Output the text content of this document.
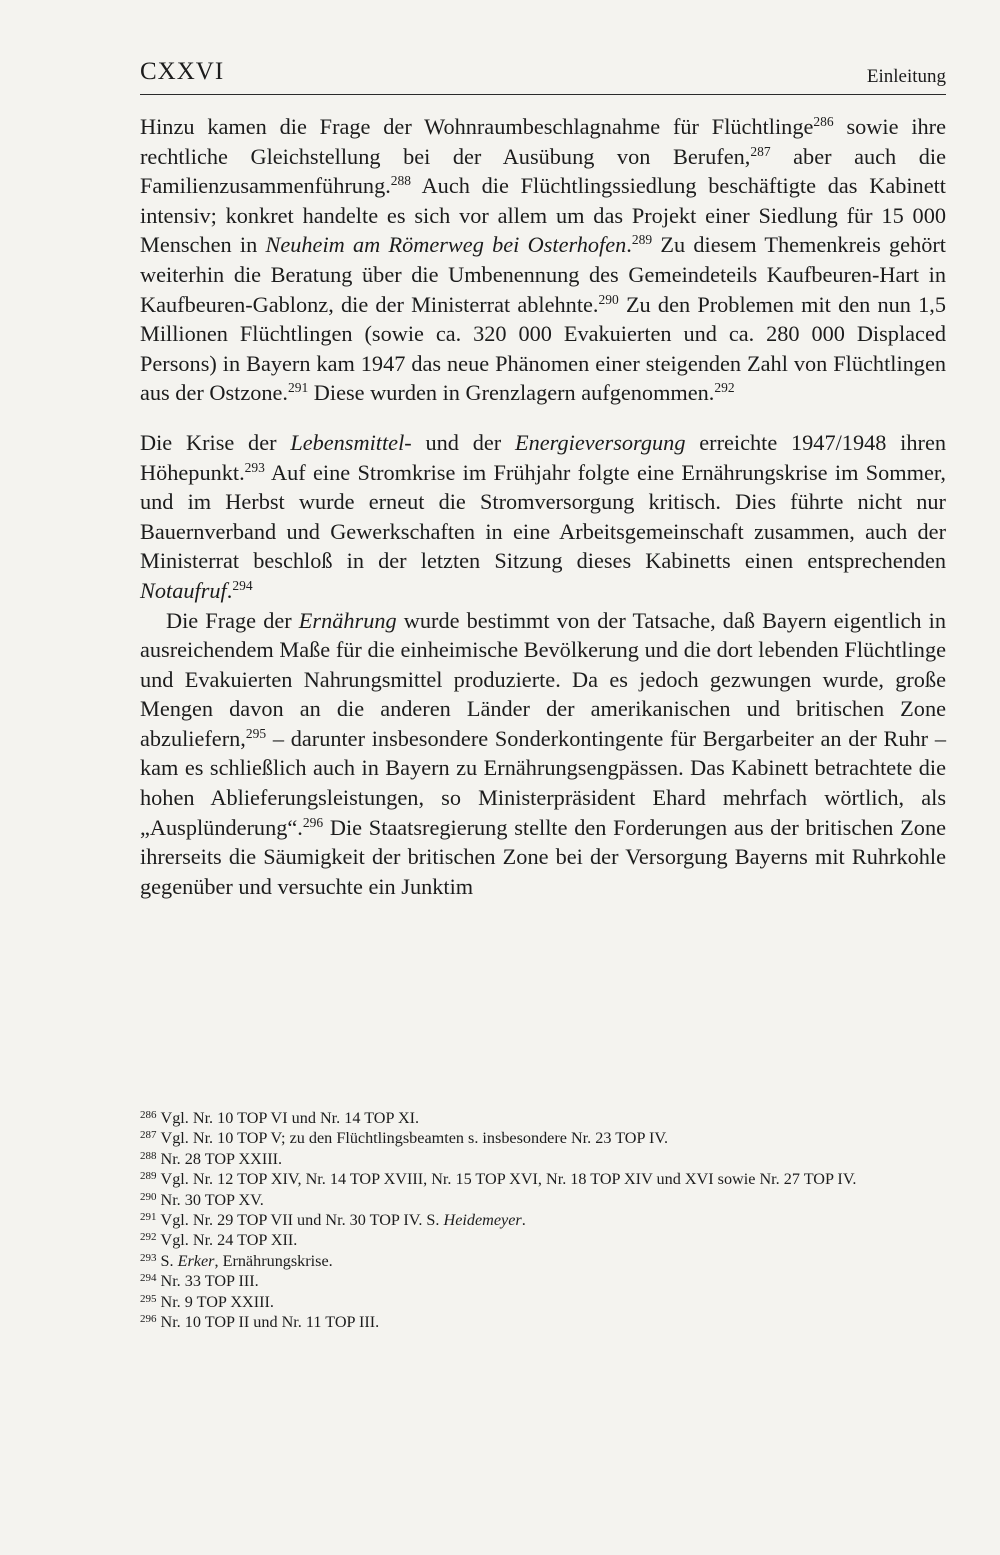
CXXVI	Einleitung

Hinzu kamen die Frage der Wohnraumbeschlagnahme für Flüchtlinge$^{286}$ sowie ihre rechtliche Gleichstellung bei der Ausübung von Berufen,$^{287}$ aber auch die Familienzusammenführung.$^{288}$ Auch die Flüchtlingssiedlung beschäftigte das Kabinett intensiv; konkret handelte es sich vor allem um das Projekt einer Siedlung für 15 000 Menschen in Neuheim am Römerweg bei Osterhofen.$^{289}$ Zu diesem Themenkreis gehört weiterhin die Beratung über die Umbenennung des Gemeindeteils Kaufbeuren-Hart in Kaufbeuren-Gablonz, die der Ministerrat ablehnte.$^{290}$ Zu den Problemen mit den nun 1,5 Millionen Flüchtlingen (sowie ca. 320 000 Evakuierten und ca. 280 000 Displaced Persons) in Bayern kam 1947 das neue Phänomen einer steigenden Zahl von Flüchtlingen aus der Ostzone.$^{291}$ Diese wurden in Grenzlagern aufgenommen.$^{292}$

Die Krise der Lebensmittel- und der Energieversorgung erreichte 1947/1948 ihren Höhepunkt.$^{293}$ Auf eine Stromkrise im Frühjahr folgte eine Ernährungskrise im Sommer, und im Herbst wurde erneut die Stromversorgung kritisch. Dies führte nicht nur Bauernverband und Gewerkschaften in eine Arbeitsgemeinschaft zusammen, auch der Ministerrat beschloß in der letzten Sitzung dieses Kabinetts einen entsprechenden Notaufruf.$^{294}$

Die Frage der Ernährung wurde bestimmt von der Tatsache, daß Bayern eigentlich in ausreichendem Maße für die einheimische Bevölkerung und die dort lebenden Flüchtlinge und Evakuierten Nahrungsmittel produzierte. Da es jedoch gezwungen wurde, große Mengen davon an die anderen Länder der amerikanischen und britischen Zone abzuliefern,$^{295}$ – darunter insbesondere Sonderkontingente für Bergarbeiter an der Ruhr – kam es schließlich auch in Bayern zu Ernährungsengpässen. Das Kabinett betrachtete die hohen Ablieferungsleistungen, so Ministerpräsident Ehard mehrfach wörtlich, als „Ausplünderung“.$^{296}$ Die Staatsregierung stellte den Forderungen aus der britischen Zone ihrerseits die Säumigkeit der britischen Zone bei der Versorgung Bayerns mit Ruhrkohle gegenüber und versuchte ein Junktim

$^{286}$ Vgl. Nr. 10 TOP VI und Nr. 14 TOP XI.

$^{287}$ Vgl. Nr. 10 TOP V; zu den Flüchtlingsbeamten s. insbesondere Nr. 23 TOP IV.

$^{288}$ Nr. 28 TOP XXIII.

$^{289}$ Vgl. Nr. 12 TOP XIV, Nr. 14 TOP XVIII, Nr. 15 TOP XVI, Nr. 18 TOP XIV und XVI sowie Nr. 27 TOP IV.

$^{290}$ Nr. 30 TOP XV.

$^{291}$ Vgl. Nr. 29 TOP VII und Nr. 30 TOP IV. S. Heidemeyer.

$^{292}$ Vgl. Nr. 24 TOP XII.

$^{293}$ S. Erker, Ernährungskrise.

$^{294}$ Nr. 33 TOP III.

$^{295}$ Nr. 9 TOP XXIII.

$^{296}$ Nr. 10 TOP II und Nr. 11 TOP III.
